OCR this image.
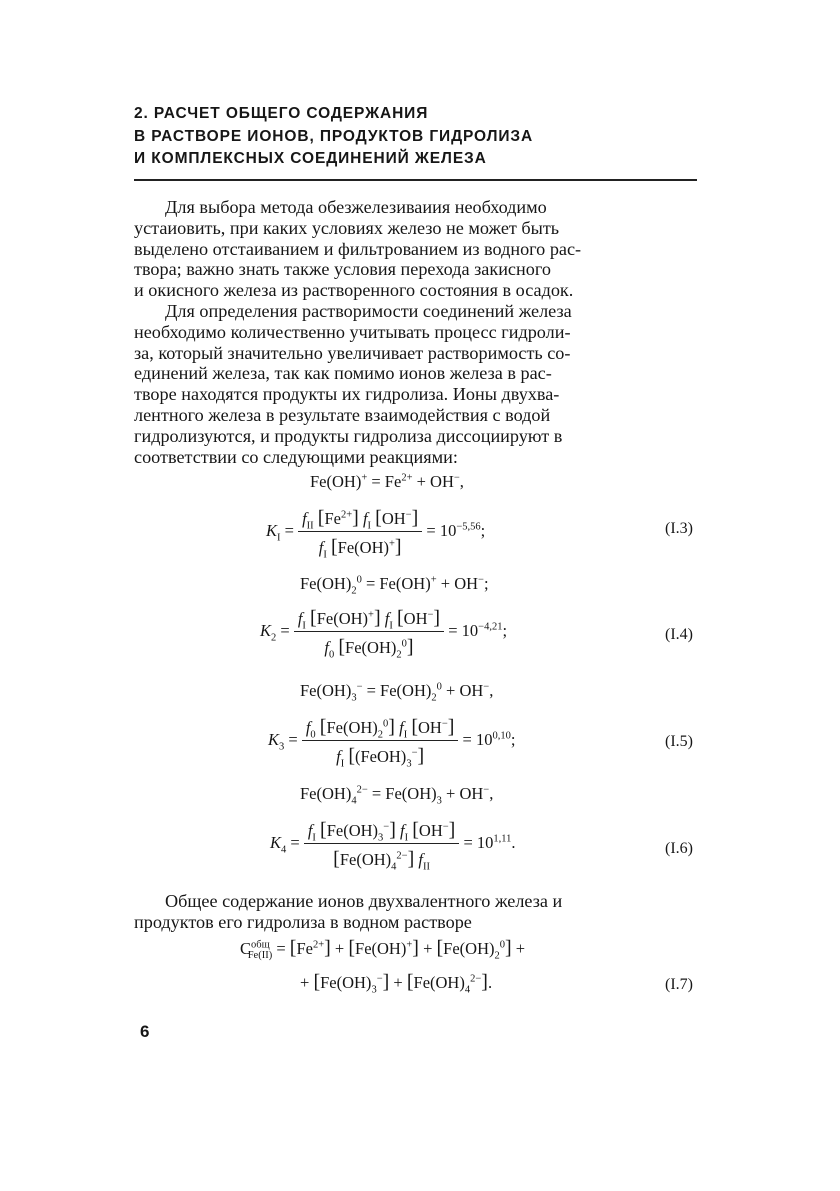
2. РАСЧЕТ ОБЩЕГО СОДЕРЖАНИЯ
В РАСТВОРЕ ИОНОВ, ПРОДУКТОВ ГИДРОЛИЗА
И КОМПЛЕКСНЫХ СОЕДИНЕНИЙ ЖЕЛЕЗА
Для выбора метода обезжелезиваиия необходимо
устаиовить, при каких условиях железо не может быть
выделено отстаиванием и фильтрованием из водного рас-
твора; важно знать также условия перехода закисного
и окисного железа из растворенного состояния в осадок.
Для определения растворимости соединений железа
необходимо количественно учитывать процесс гидроли-
за, который значительно увеличивает растворимость со-
единений железа, так как помимо ионов железа в рас-
творе находятся продукты их гидролиза. Ионы двухва-
лентного железа в результате взаимодействия с водой
гидролизуются, и продукты гидролиза диссоциируют в
соответствии со следующими реакциями:
$Fe(OH)^+ = Fe^{2+} + OH^-$,
$K_I = \frac{f_{II} [Fe^{2+}] f_I [OH^-]}{f_I [Fe(OH)^+]} = 10^{-5,56}$;	(I.3)
$Fe(OH)_2^0 = Fe(OH)^+ + OH^-$;
$K_2 = \frac{f_I [Fe(OH)^+] f_I [OH^-]}{f_0 [Fe(OH)_2^0]} = 10^{-4,21}$;	(I.4)
$Fe(OH)_3^- = Fe(OH)_2^0 + OH^-$,
$K_3 = \frac{f_0 [Fe(OH)_2^0] f_I [OH^-]}{f_I [(FeOH)_3^-]} = 10^{0,10}$;	(I.5)
$Fe(OH)_4^{2-} = Fe(OH)_3 + OH^-$,
$K_4 = \frac{f_I [Fe(OH)_3^-] f_I [OH^-]}{[Fe(OH)_4^{2-}] f_{II}} = 10^{1,11}$.	(I.6)
Общее содержание ионов двухвалентного железа и
продуктов его гидролиза в водном растворе
$C^{общ}_{Fe(II)} = [Fe^{2+}] + [Fe(OH)^+] + [Fe(OH)_2^0]$ +
+ $[Fe(OH)_3^-] + [Fe(OH)_4^{2-}]$.	(I.7)
6
